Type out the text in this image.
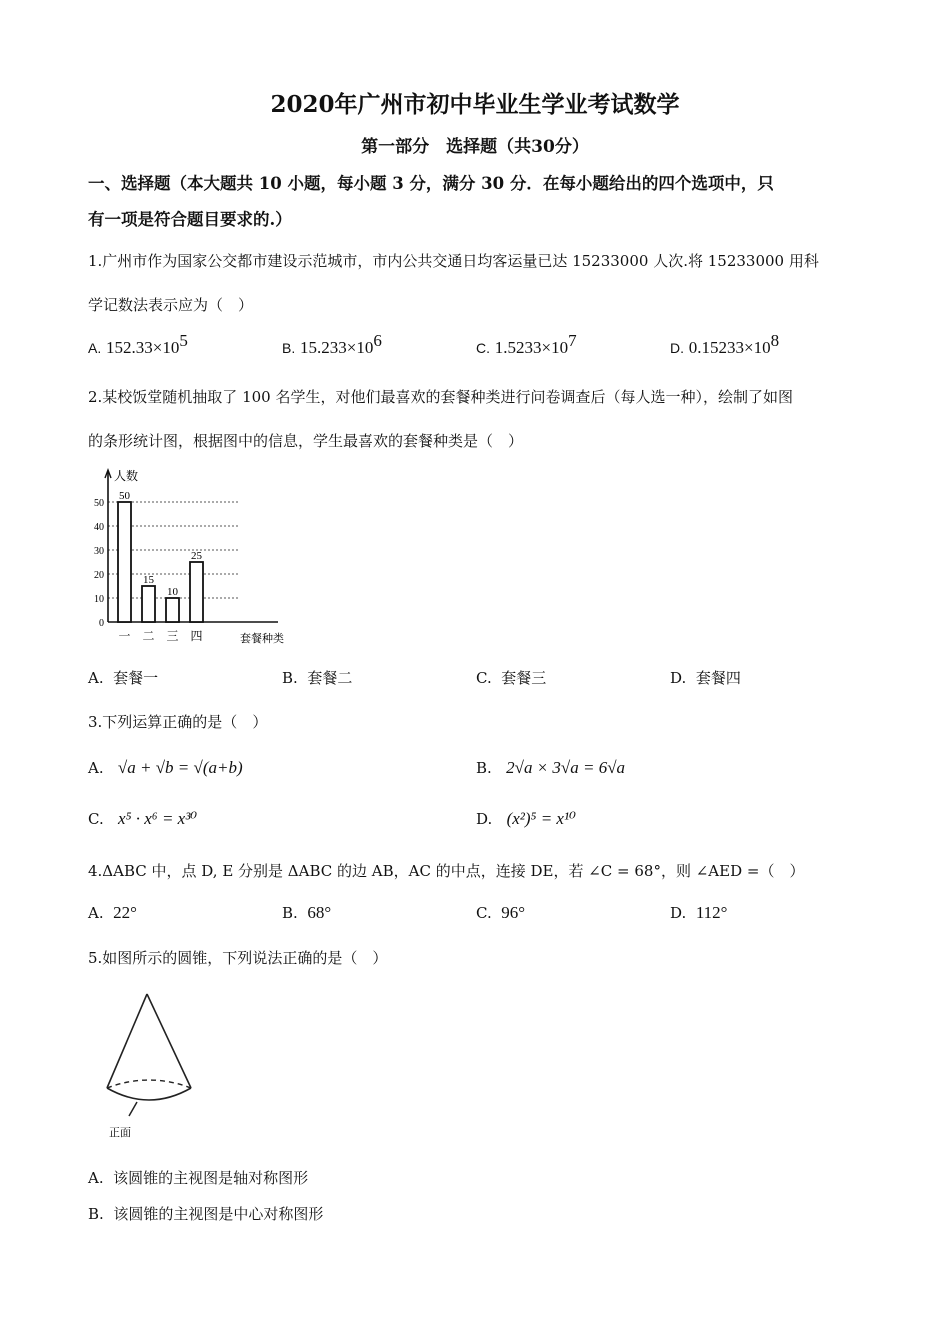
2020年广州市初中毕业生学业考试数学
第一部分　选择题（共30分）
一、选择题（本大题共 10 小题，每小题 3 分，满分 30 分．在每小题给出的四个选项中，只
有一项是符合题目要求的.）
1.广州市作为国家公交都市建设示范城市，市内公共交通日均客运量已达 15233000 人次.将 15233000 用科
学记数法表示应为（　）
A. $152.33\times 10^5$	B. $15.233\times 10^6$	C. $1.5233\times 10^7$	D. $0.15233\times 10^8$
2.某校饭堂随机抽取了 100 名学生，对他们最喜欢的套餐种类进行问卷调查后（每人选一种），绘制了如图
的条形统计图，根据图中的信息，学生最喜欢的套餐种类是（　）
0
10
20
30
40
50
人数
套餐种类
50
一
15
二
10
三
25
四
A. 套餐一	B. 套餐二	C. 套餐三	D. 套餐四
3.下列运算正确的是（　）
A. √a + √b = √(a+b)	B. 2√a × 3√a = 6√a
C. x⁵ · x⁶ = x³⁰	D. (x²)⁵ = x¹⁰
4.ΔABC 中，点 D, E 分别是 ΔABC 的边 AB，AC 的中点，连接 DE，若 ∠C = 68°，则 ∠AED =（　）
A. 22°	B. 68°	C. 96°	D. 112°
5.如图所示的圆锥，下列说法正确的是（　）
正面
A. 该圆锥的主视图是轴对称图形
B. 该圆锥的主视图是中心对称图形
